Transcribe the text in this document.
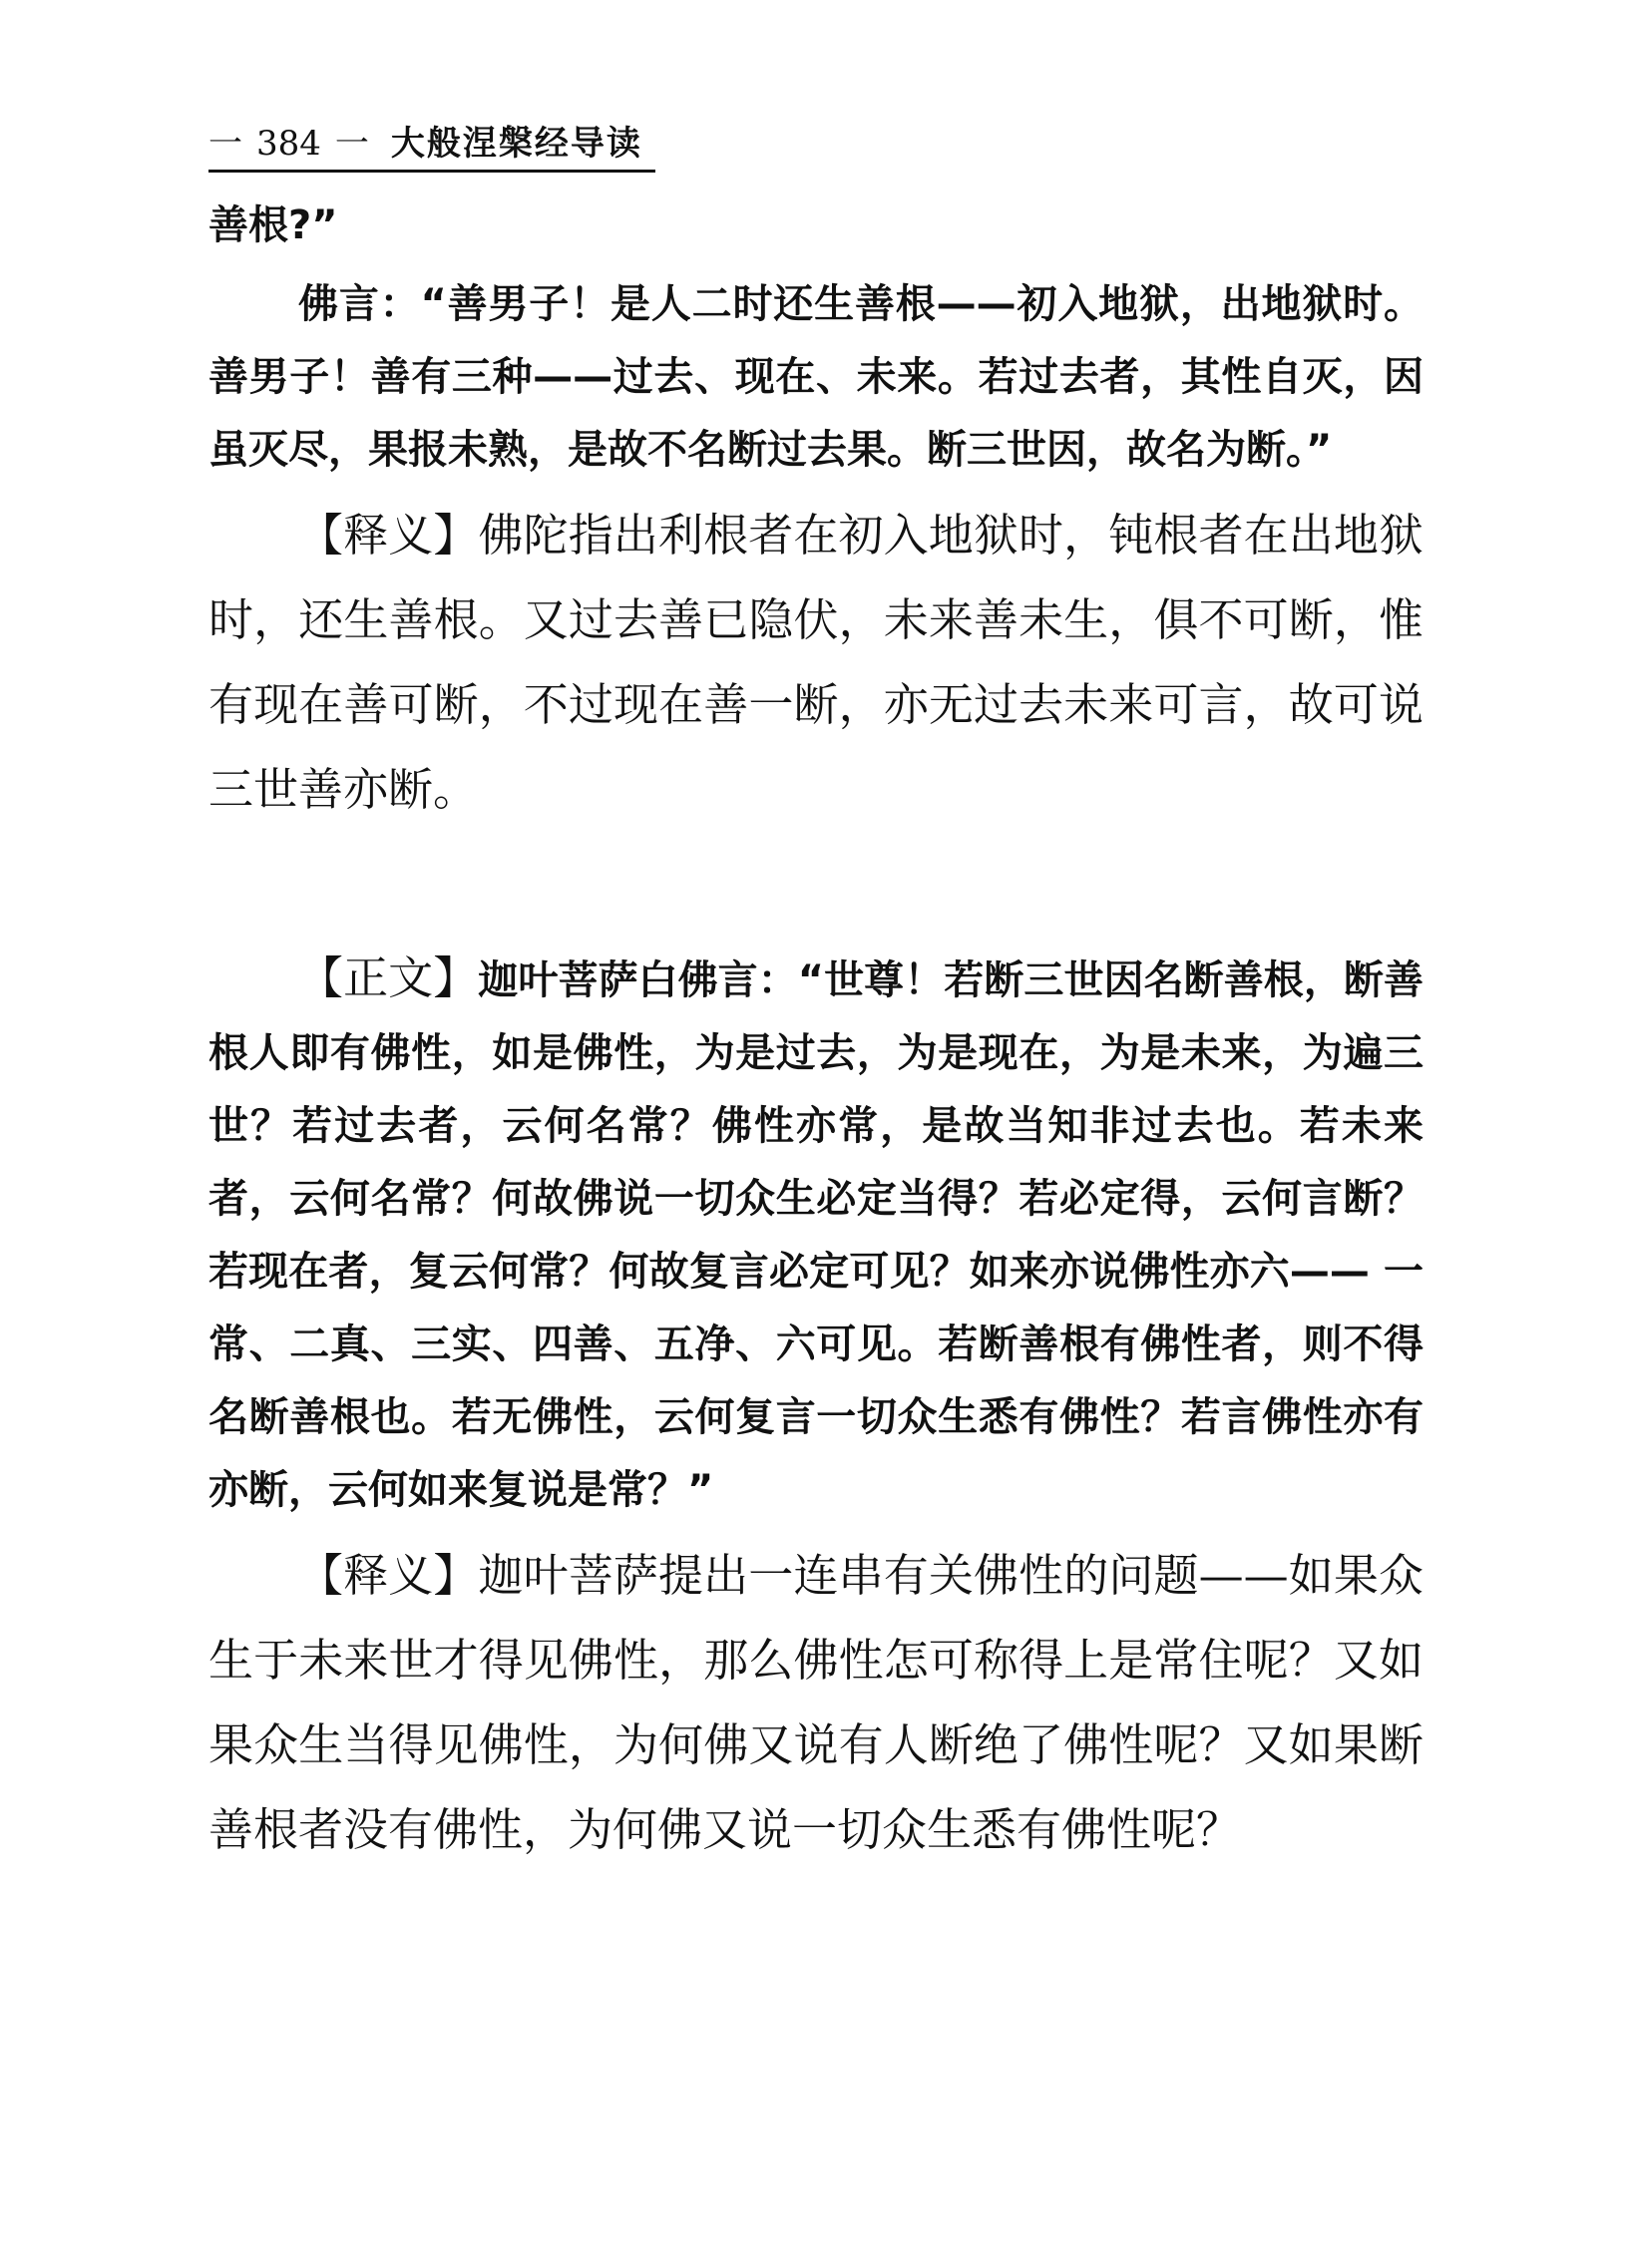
一 384 一 大般涅槃经导读

善根?”

佛言：“善男子！是人二时还生善根——初入地狱，出地狱时。善男子！善有三种——过去、现在、未来。若过去者，其性自灭，因虽灭尽，果报未熟，是故不名断过去果。断三世因，故名为断。”

【释义】佛陀指出利根者在初入地狱时，钝根者在出地狱时，还生善根。又过去善已隐伏，未来善未生，俱不可断，惟有现在善可断，不过现在善一断，亦无过去未来可言，故可说三世善亦断。

【正文】迦叶菩萨白佛言：“世尊！若断三世因名断善根，断善根人即有佛性，如是佛性，为是过去，为是现在，为是未来，为遍三世？若过去者，云何名常？佛性亦常，是故当知非过去也。若未来者，云何名常？何故佛说一切众生必定当得？若必定得，云何言断？若现在者，复云何常？何故复言必定可见？如来亦说佛性亦六—— 一常、二真、三实、四善、五净、六可见。若断善根有佛性者，则不得名断善根也。若无佛性，云何复言一切众生悉有佛性？若言佛性亦有亦断，云何如来复说是常？”

【释义】迦叶菩萨提出一连串有关佛性的问题——如果众生于未来世才得见佛性，那么佛性怎可称得上是常住呢？又如果众生当得见佛性，为何佛又说有人断绝了佛性呢？又如果断善根者没有佛性，为何佛又说一切众生悉有佛性呢？
